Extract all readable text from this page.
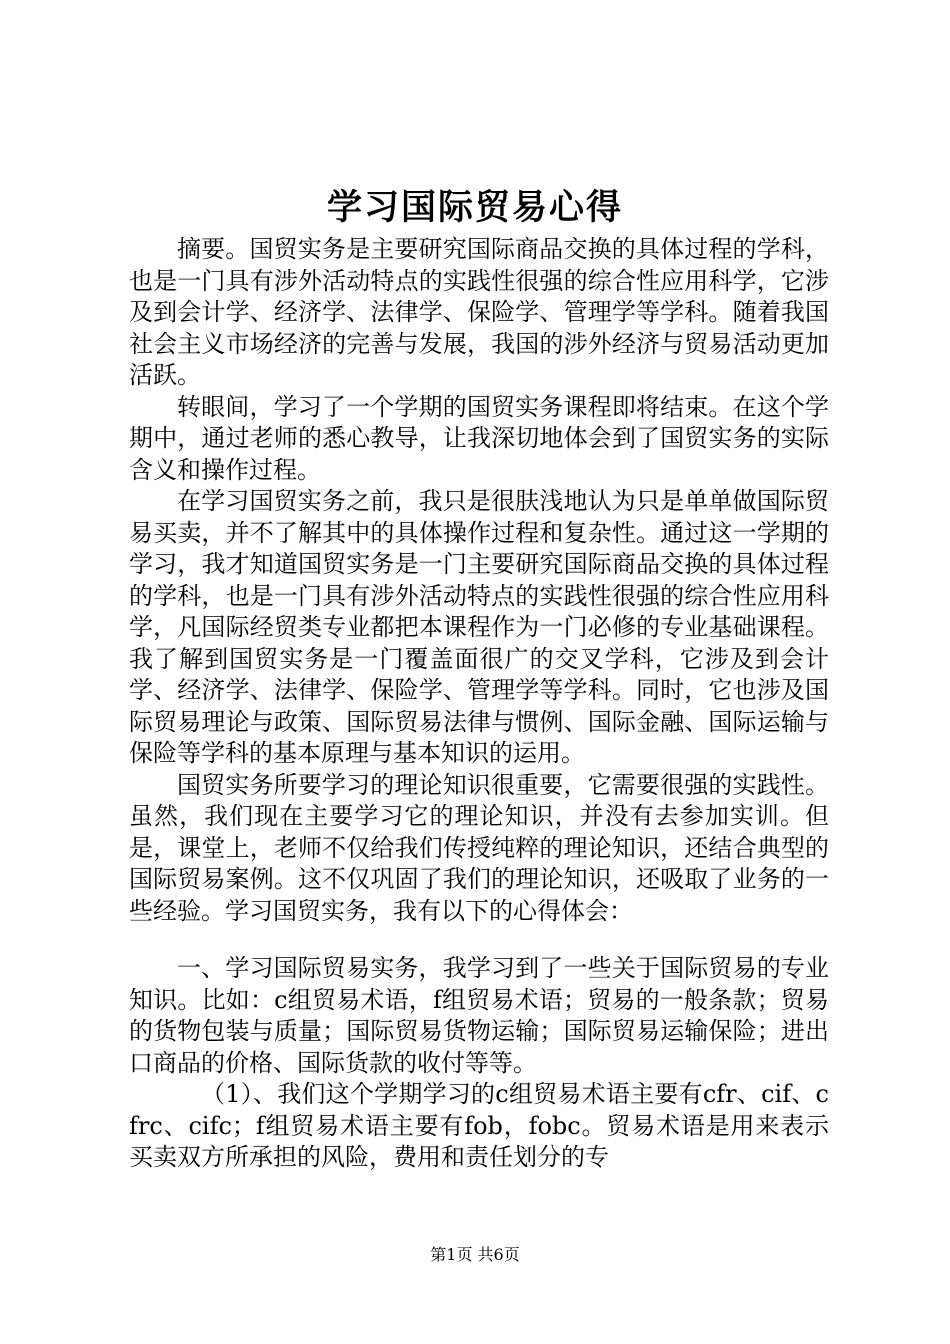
学习国际贸易心得

摘要。国贸实务是主要研究国际商品交换的具体过程的学科，也是一门具有涉外活动特点的实践性很强的综合性应用科学，它涉及到会计学、经济学、法律学、保险学、管理学等学科。随着我国社会主义市场经济的完善与发展，我国的涉外经济与贸易活动更加活跃。

转眼间，学习了一个学期的国贸实务课程即将结束。在这个学期中，通过老师的悉心教导，让我深切地体会到了国贸实务的实际含义和操作过程。

在学习国贸实务之前，我只是很肤浅地认为只是单单做国际贸易买卖，并不了解其中的具体操作过程和复杂性。通过这一学期的学习，我才知道国贸实务是一门主要研究国际商品交换的具体过程的学科，也是一门具有涉外活动特点的实践性很强的综合性应用科学，凡国际经贸类专业都把本课程作为一门必修的专业基础课程。我了解到国贸实务是一门覆盖面很广的交叉学科，它涉及到会计学、经济学、法律学、保险学、管理学等学科。同时，它也涉及国际贸易理论与政策、国际贸易法律与惯例、国际金融、国际运输与保险等学科的基本原理与基本知识的运用。

国贸实务所要学习的理论知识很重要，它需要很强的实践性。虽然，我们现在主要学习它的理论知识，并没有去参加实训。但是，课堂上，老师不仅给我们传授纯粹的理论知识，还结合典型的国际贸易案例。这不仅巩固了我们的理论知识，还吸取了业务的一些经验。学习国贸实务，我有以下的心得体会：

一、学习国际贸易实务，我学习到了一些关于国际贸易的专业知识。比如：c组贸易术语，f组贸易术语；贸易的一般条款；贸易的货物包装与质量；国际贸易货物运输；国际贸易运输保险；进出口商品的价格、国际货款的收付等等。

（1）、我们这个学期学习的c组贸易术语主要有cfr、cif、cfrc、cifc；f组贸易术语主要有fob，fobc。贸易术语是用来表示买卖双方所承担的风险，费用和责任划分的专

第1页 共6页
